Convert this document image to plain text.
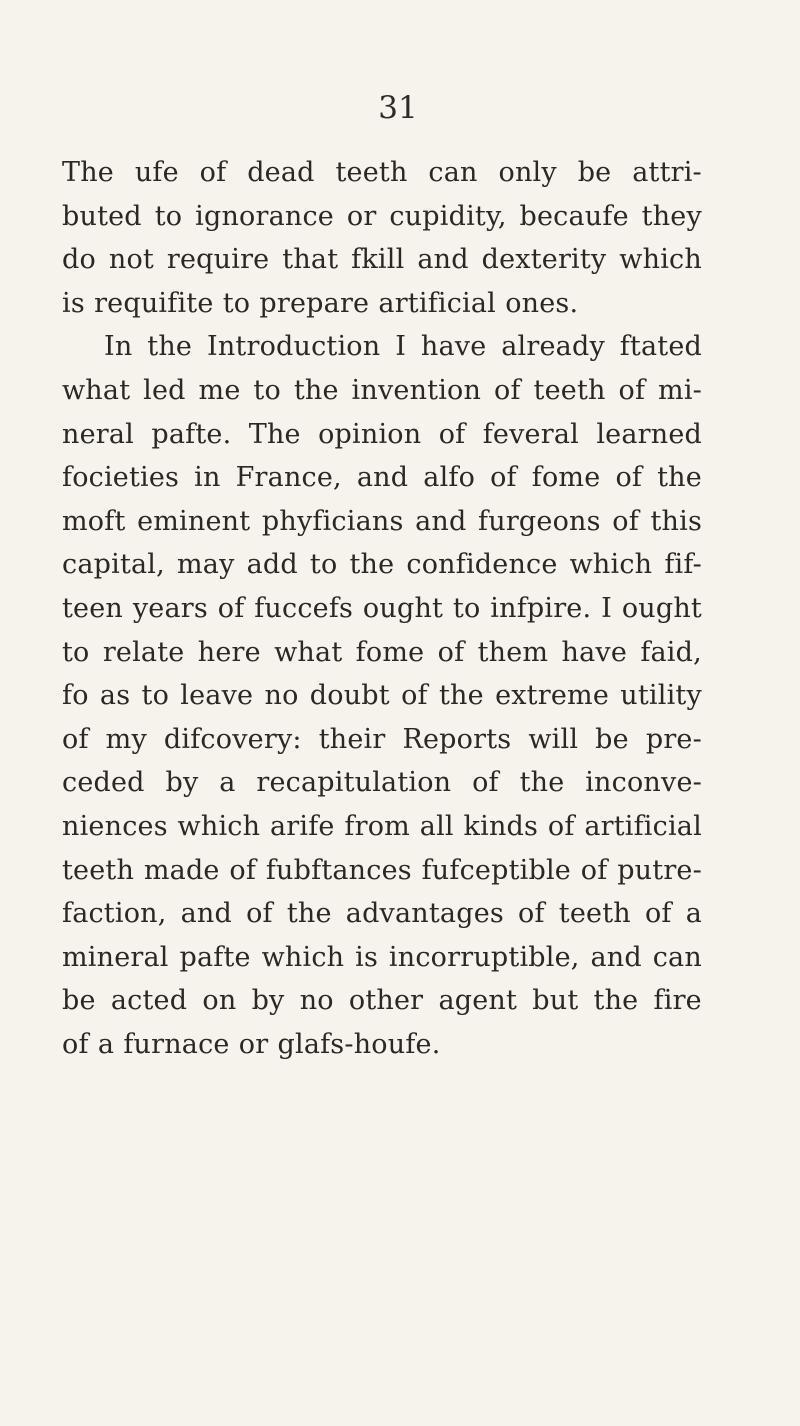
31
The ufe of dead teeth can only be attri-
buted to ignorance or cupidity, becaufe they
do not require that fkill and dexterity which
is requifite to prepare artificial ones.
In the Introduction I have already ftated
what led me to the invention of teeth of mi-
neral pafte. The opinion of feveral learned
focieties in France, and alfo of fome of the
moft eminent phyficians and furgeons of this
capital, may add to the confidence which fif-
teen years of fuccefs ought to infpire. I ought
to relate here what fome of them have faid,
fo as to leave no doubt of the extreme utility
of my difcovery: their Reports will be pre-
ceded by a recapitulation of the inconve-
niences which arife from all kinds of artificial
teeth made of fubftances fufceptible of putre-
faction, and of the advantages of teeth of a
mineral pafte which is incorruptible, and can
be acted on by no other agent but the fire
of a furnace or glafs-houfe.
